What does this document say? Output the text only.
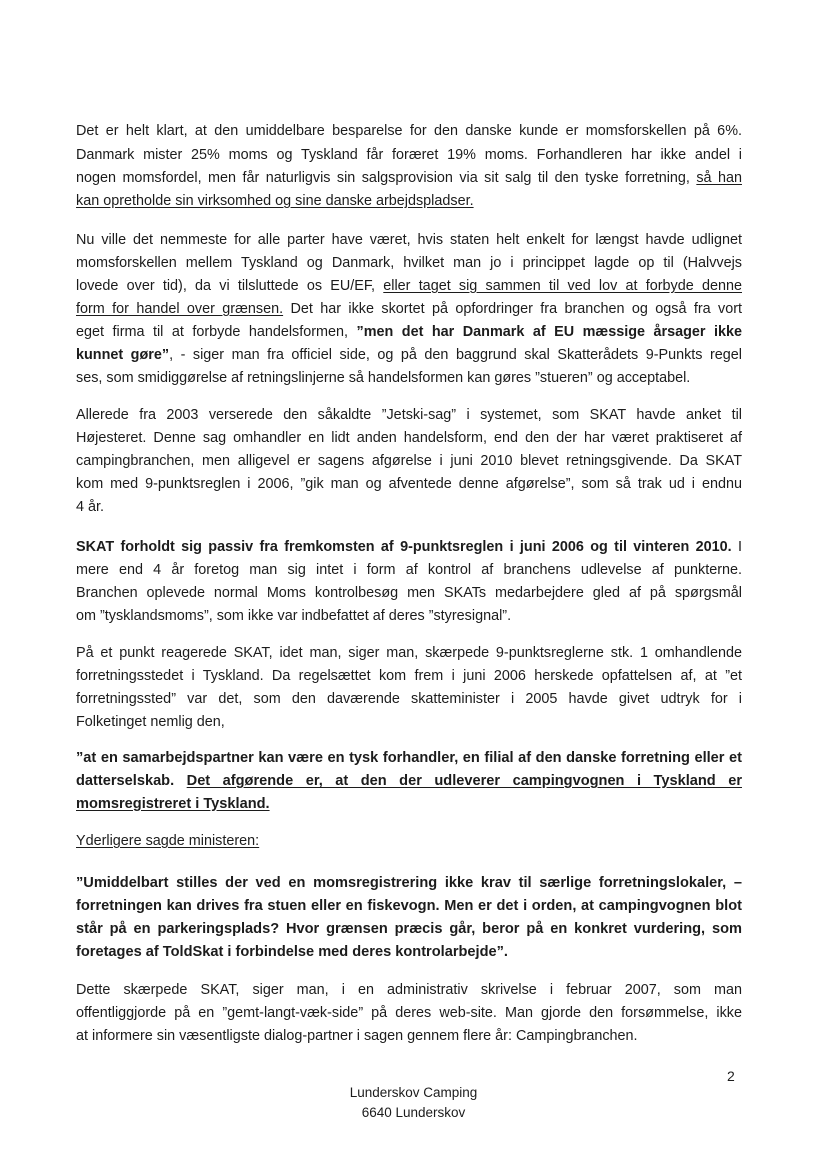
Det er helt klart, at den umiddelbare besparelse for den danske kunde er momsforskellen på 6%.
Danmark mister 25% moms og Tyskland får foræret 19% moms. Forhandleren har ikke andel i
nogen momsfordel, men får naturligvis sin salgsprovision via sit salg til den tyske forretning, så han
kan opretholde sin virksomhed og sine danske arbejdspladser.
Nu ville det nemmeste for alle parter have været, hvis staten helt enkelt for længst havde udlignet
momsforskellen mellem Tyskland og Danmark, hvilket man jo i princippet lagde op til (Halvvejs
lovede over tid), da vi tilsluttede os EU/EF, eller taget sig sammen til ved lov at forbyde denne
form for handel over grænsen. Det har ikke skortet på opfordringer fra branchen og også fra vort
eget firma til at forbyde handelsformen, ”men det har Danmark af EU mæssige årsager ikke
kunnet gøre”, - siger man fra officiel side, og på den baggrund skal Skatterådets 9-Punkts regel
ses, som smidiggørelse af retningslinjerne så handelsformen kan gøres ”stueren” og acceptabel.
Allerede fra 2003 verserede den såkaldte ”Jetski-sag” i systemet, som SKAT havde anket til
Højesteret. Denne sag omhandler en lidt anden handelsform, end den der har været praktiseret af
campingbranchen, men alligevel er sagens afgørelse i juni 2010 blevet retningsgivende. Da SKAT
kom med 9-punktsreglen i 2006, ”gik man og afventede denne afgørelse”, som så trak ud i endnu
4 år.
SKAT forholdt sig passiv fra fremkomsten af 9-punktsreglen i juni 2006 og til vinteren 2010. I
mere end 4 år foretog man sig intet i form af kontrol af branchens udlevelse af punkterne.
Branchen oplevede normal Moms kontrolbesøg men SKATs medarbejdere gled af på spørgsmål
om ”tysklandsmoms”, som ikke var indbefattet af deres ”styresignal”.
På et punkt reagerede SKAT, idet man, siger man, skærpede 9-punktsreglerne stk. 1 omhandlende
forretningsstedet i Tyskland. Da regelsættet kom frem i juni 2006 herskede opfattelsen af, at ”et
forretningssted” var det, som den daværende skatteminister i 2005 havde givet udtryk for i
Folketinget nemlig den,
”at en samarbejdspartner kan være en tysk forhandler, en filial af den danske forretning eller et
datterselskab. Det afgørende er, at den der udleverer campingvognen i Tyskland er
momsregistreret i Tyskland.
Yderligere sagde ministeren:
”Umiddelbart stilles der ved en momsregistrering ikke krav til særlige forretningslokaler, –
forretningen kan drives fra stuen eller en fiskevogn. Men er det i orden, at campingvognen blot
står på en parkeringsplads? Hvor grænsen præcis går, beror på en konkret vurdering, som
foretages af ToldSkat i forbindelse med deres kontrolarbejde”.
Dette skærpede SKAT, siger man, i en administrativ skrivelse i februar 2007, som man
offentliggjorde på en ”gemt-langt-væk-side” på deres web-site. Man gjorde den forsømmelse, ikke
at informere sin væsentligste dialog-partner i sagen gennem flere år: Campingbranchen.
2
Lunderskov Camping
6640 Lunderskov
